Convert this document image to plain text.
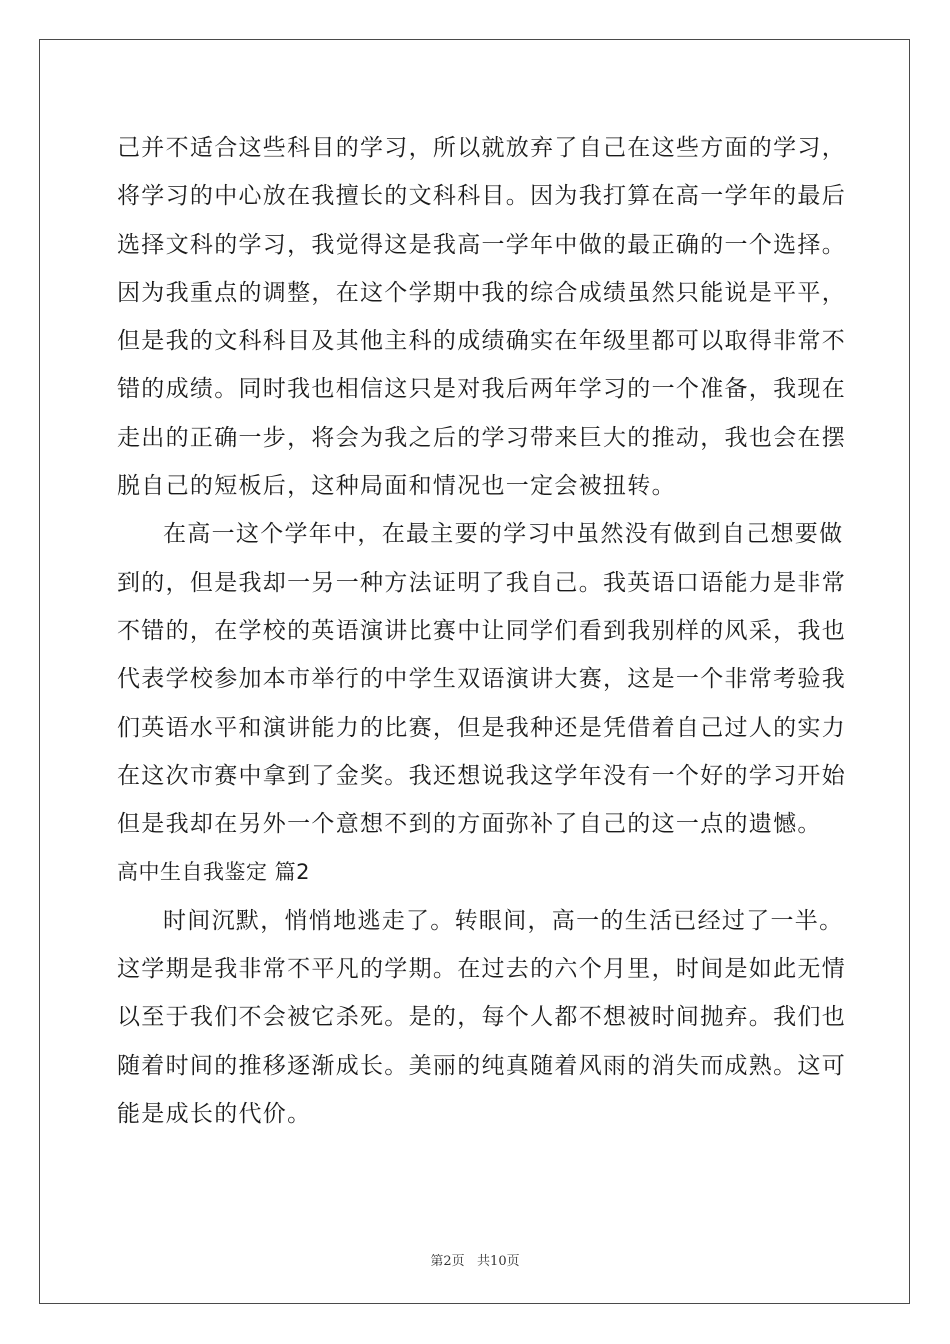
己并不适合这些科目的学习，所以就放弃了自己在这些方面的学习，

将学习的中心放在我擅长的文科科目。因为我打算在高一学年的最后

选择文科的学习，我觉得这是我高一学年中做的最正确的一个选择。

因为我重点的调整，在这个学期中我的综合成绩虽然只能说是平平，

但是我的文科科目及其他主科的成绩确实在年级里都可以取得非常不

错的成绩。同时我也相信这只是对我后两年学习的一个准备，我现在

走出的正确一步，将会为我之后的学习带来巨大的推动，我也会在摆

脱自己的短板后，这种局面和情况也一定会被扭转。

在高一这个学年中，在最主要的学习中虽然没有做到自己想要做

到的，但是我却一另一种方法证明了我自己。我英语口语能力是非常

不错的，在学校的英语演讲比赛中让同学们看到我别样的风采，我也

代表学校参加本市举行的中学生双语演讲大赛，这是一个非常考验我

们英语水平和演讲能力的比赛，但是我种还是凭借着自己过人的实力

在这次市赛中拿到了金奖。我还想说我这学年没有一个好的学习开始

但是我却在另外一个意想不到的方面弥补了自己的这一点的遗憾。

高中生自我鉴定 篇2

时间沉默，悄悄地逃走了。转眼间，高一的生活已经过了一半。

这学期是我非常不平凡的学期。在过去的六个月里，时间是如此无情

以至于我们不会被它杀死。是的，每个人都不想被时间抛弃。我们也

随着时间的推移逐渐成长。美丽的纯真随着风雨的消失而成熟。这可

能是成长的代价。

第2页   共10页
